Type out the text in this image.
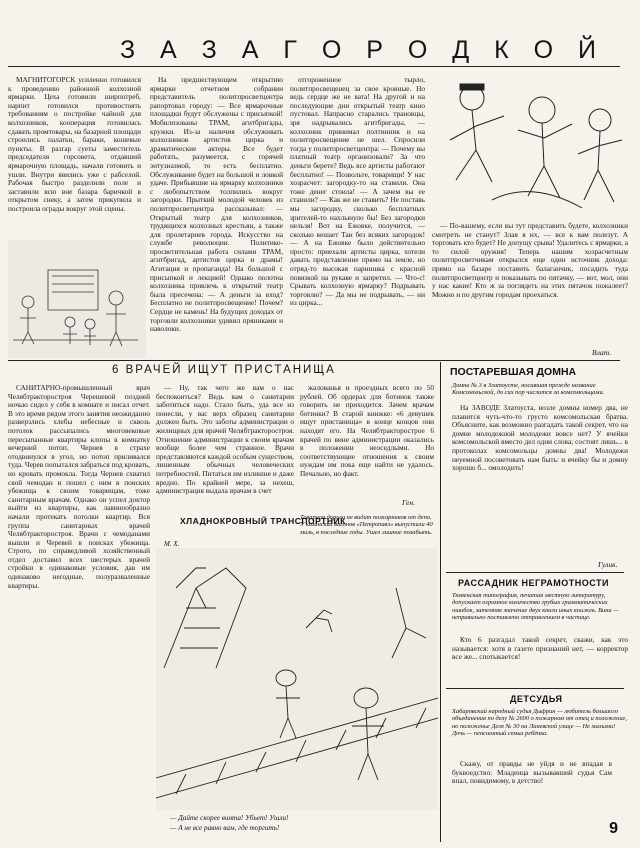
З А З А Г О Р О Д К О Й

МАГНИТОГОРСК усиленно готовился к проведению районной колхозной ярмарки. Цеха готовили ширпотреб, нарпит готовился противостоять требованиям о постройке чайной для колхозников, кооперация готовилась сдавать промтовары, на базарной площади строились палатки, бараки, кошевые пункты. В разгар суеты заместитель председателя горсовета, отдавший ярмарочную площадь, начали готовить и ушли. Внутри явились уже с рабселой. Рабочая быстро разделили поле и заставили всю вне базара баричкой в открытом снеку, а затем прикупила и построила ограды вокруг этой сцены.

На предшествующем открытию ярмарки отчетном собрании представитель политпросветцентра рапортовал городу: — Все ярмарочные площадки будут обслужены с присыпкой! Мобилизованы ТРАМ, агитбригады, кружки. Из-за наличия обслуживать колхозников артистов цирка и драматические актеры. Все будет работать, разумеется, с горячей энтузиазмой, то есть бесплатно. Обслуживание будет на большой и ловкой удаче. Прибывшие на ярмарку колхозники с любопытством толпились вокруг загородки. Прыткий молодой человек из политпросветцентра рассказывал: — Открытый театр для колхозников, трудящихся колхозных крестьян, а также для пролетариев города. Искусство на службе революции. Политико-просветительная работа силами ТРАМ, агитбригад, артистов цирка и драмы! Агитация и пропаганда! На большой с присыпкой и лекцией! Однако полотна колхозника привлечь к открытий театр была пресечена: — А деньги за вход? Бесплатно не политпросвещение! Почем? Сердце не камень! На будущих доходах от торговли колхозники удивил пряниками и наволоки.

отгороженное тырло, политпросвещенец за свое кровные. Но ведь сердце же не вата! На другой и на последующие дни открытый театр кино пустовал. Напрасно старались трановцы, зря надрывались агитбригады, — колхозник принимал полтинник и на политпросвещение не шел. Спросили тогда у политпросветцентра: — Почему вы платный театр организовали? За что деньги берете? Ведь все артисты работают бесплатно! — Позвольте, товарищи! У нас хозрасчет: загородку-то на ставили. Она тоже денег стоила! — А зачем вы ее ставили? — Как же не ставить? Не поставь мы загородку, сколько бесплатных зрителей-то нахлынуло бы! Без загородки нельзя! Вот на Ежовке, получится, — сколько вешает Тан без всяких загородок! — А на Ежовке было действительно просто: приехали артисты цирка, хотели давать представление прямо на земле, но отряд-то высокая парнишка с красной повязкой на рукаве и запретил. — Что-с! Срывать колхозную ярмарку? Подрывать торговлю? — Да мы не подрывать, — ни из цирка...

— По-вашему, если вы тут представить будете, колхозники смотреть не станут? Злая я их, — все к вам полезут. А торговать кто будет? Не допущу срыва! Удалитесь с ярмарки, а то силой оружия! Теперь нашим хозрасчетным политпросветчикам открылся еще один источник дохода: прямо на базаре поставить балаганчик, посадить туда политпросветцентр и показывать по пятачку, — вот, мол, они у нас какие! Кто ж за поглядеть на этих пятачок пожалеет? Можно и по другим городам проехаться.

Влат.
6 ВРАЧЕЙ ИЩУТ ПРИСТАНИЩА

САНИТАРНО-промышленный врач Челябтракторостроя Черешевой поздней ночью сидел у себя в комнате и писал отчет. В это время рядом этого занятия неожиданно разверзлись хлебы небесные и сквозь потолок рассыпались многовековые пересыпанные квартиры клопы в комнатку вечерний потоп. Чернев в страхе отодвинулся в угол, но потоп приливался туда. Черев попытался забраться под кровать, но кровать промокла. Тогда Чернев схватил свой чемодан и пошел с ним в поиских убежища к своим товарищам, тоже санитарным врачам. Однако он успел доктор выйти из квартиры, как лавинообразно начали протекать потолки квартир. Вся группа санитарных врачей Челябтракторостроя. Врачи с чемоданами вышли и Черевей в поисках убежища. Строго, по справедливой хозяйственный отдел доставил всех шестерых врачей стройки в одинаковые условия, дав им одинаково негодные, полуразваленные квартиры.

— Ну, так чего же вам о нас беспокоиться? Ведь вам о санитарии заботиться надо. Стало быть, уда все из понесли, у вас верх образец санитарии должен быть. Это заботы администрации о жилищных для врачей Челябтракторостроя. Отношение администрации к своим врачам вообще более чем странное. Врачи представляются каждой особым существом, лишенным обычных человеческих потребностей. Питаться им излишне и даже вредно. По крайней мере, за нехеш, администрация выдала врачам в счет

жалованья и проездных всего по 50 рублей. Об ордерах для ботинок также говорить не приходится. Зачем врачам ботинки? В старой книжке: «6 девушек ищут пристанища» в конце концов они находят его. На Челябтракторострое 6 врачей по вине администрации оказались в положении неоседлыми. Но соответствующие отношения к своим нуждам им пока еще найти не удалось. Печально, но факт.

Ген.
ХЛАДНОКРОВНЫЙ ТРАНСПОРТНИК
Товарная дорога не видит пожарников от депо. У казанских вагонов «Петропавл» выпустили 40 миль, в последние годы. Ушел лишние позабыть.
М. Х.
— Дайте скорее винта! Убьет! Ушли!
— А не все равно вам, где торгить!
ПОСТАРЕВШАЯ ДОМНА
Домна № 3 в Златоусте, носившая прежде название Комсомольской, до сих пор числится за комсомольцами.

На ЗАВОДЕ Златоуста, возле домны номер два, не плавится чуть-что-то грусто комсомольская братва. Объясните, как возможно разгадать такой секрет, что на домне молодежной молодежи вовсе нет? У ячейки комсомольской вместо дел одни слова; состоят лишь... в протоколах комсомольцы домны два! Молодежи неуемной посоветовать нам быть: и ячейку бы и домну хорошо б... омолодить!

Гулик.
РАССАДНИК НЕГРАМОТНОСТИ
Тюменская типография, печатая местную литературу, допускает огромное количество грубых грамматических ошибок, затемняя значение двух книги иных книжек. Вина — неправильно поставлено отправлением в частице.

Кто 6 разгадал такой секрет, скажи, как это называется: хотя в газете признаний нет, — корректор все же... спотыкается!

ДЕТСУДЬЯ
Хабаровский народный судья Дыфрин — любитель большого объединения по делу № 2600 о пожарном от отец и положение, но положенье Деля № 30 на Линевской улице — Не малыми! Дочь — пенсионный семьи ребёнка.

Скажу, от правды не уйдя и не впадая в буквоедство: Младенца вызывавший судья Сам впал, повидимому, в детство!

9
